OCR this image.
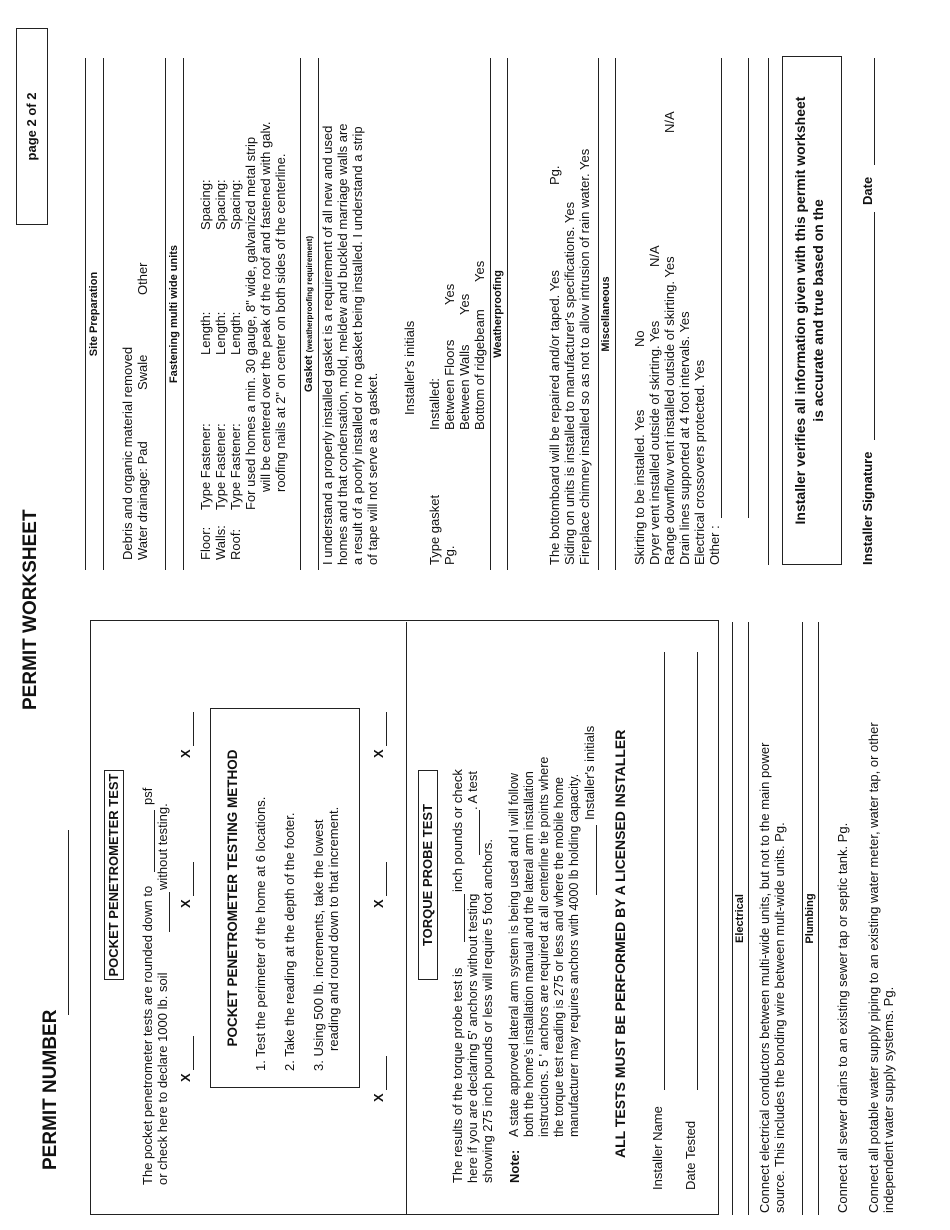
PERMIT NUMBER
PERMIT WORKSHEET
page 2 of 2
POCKET PENETROMETER TEST
The pocket penetrometer tests are rounded down to
psf
or check here to declare 1000 lb. soil
without testing.
X
X
X POCKET PENETROMETER TESTING METHOD 1. Test the perimeter of the home at 6 locations. 2. Take the reading at the depth of the footer. 3. Using 500 lb. increments, take the lowest reading and round down to that increment.
X
X
X
TORQUE PROBE TEST
The results of the torque probe test is
inch pounds or check
here if you are declaring 5' anchors without testing
. A test
showing 275 inch pounds or less will require 5 foot anchors. Note:
A state approved lateral arm system is being used and I will follow both the home's installation manual and the lateral arm installation instructions. 5 ' anchors are required at all centerline tie points where the torque test reading is 275 or less and where the mobile home manufacturer may requires anchors with 4000 lb holding capacity.
Installer's initials ALL TESTS MUST BE PERFORMED BY A LICENSED INSTALLER Installer Name Date Tested
Electrical Connect electrical conductors between multi-wide units, but not to the main power source. This includes the bonding wire between mult-wide units. Pg. Plumbing Connect all sewer drains to an existing sewer tap or septic tank. Pg. Connect all potable water supply piping to an existing water meter, water tap, or other independent water supply systems. Pg.
Site Preparation
Debris and organic material removed Water drainage: Pad
Swale
Other Fastening multi wide units
Floor: Walls: Roof:
Type Fastener: Type Fastener: Type Fastener:
Length: Length: Length:
Spacing: Spacing: Spacing: For used homes a min. 30 gauge, 8" wide, galvanized metal strip will be centered over the peak of the roof and fastened with galv. roofing nails at 2" on center on both sides of the centerline. Gasket (weatherproofing requirement) I understand a properly installed gasket is a requirement of all new and used homes and that condensation, mold, meldew and buckled marriage walls are a result of a poorly installed or no gasket being installed. I understand a strip of tape will not serve as a gasket.
Installer's initials
Type gasket Pg.
Installed: Between Floors
Yes
Between Walls
Yes
Bottom of ridgebeam
Yes Weatherproofing	The bottomboard will be repaired and/or taped. Yes
Pg.
Siding on units is installed to manufacturer's specifications. Yes Fireplace chimney installed so as not to allow intrusion of rain water. Yes Miscellaneous
Skirting to be installed. Yes
No Dryer vent installed outside of skirting. Yes
N/A
Range downflow vent installed outside of skirting. Yes
N/A
Drain lines supported at 4 foot intervals. Yes Electrical crossovers protected. Yes Other :
Installer verifies all information given with this permit worksheet is accurate and true based on the
Installer Signature
Date
